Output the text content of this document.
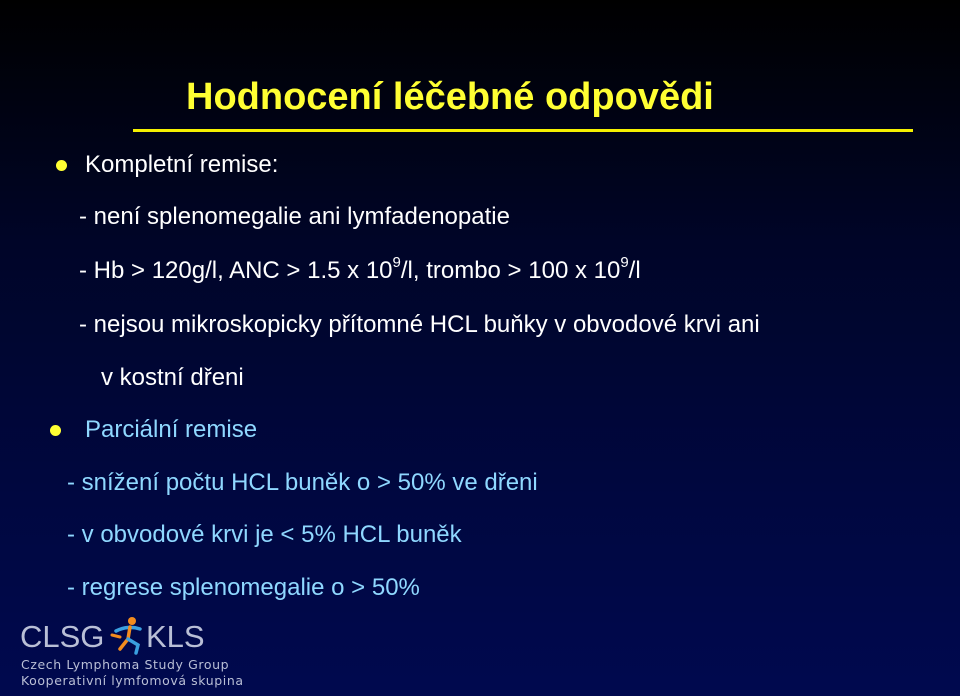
Hodnocení léčebné odpovědi
Kompletní remise:
- není splenomegalie ani lymfadenopatie
- Hb > 120g/l, ANC > 1.5 x $10^9/l$, trombo > 100 x $10^9/l$
- nejsou mikroskopicky přítomné HCL buňky v obvodové krvi ani
v kostní dřeni
Parciální remise
- snížení počtu HCL buněk o > 50% ve dřeni
- v obvodové krvi je < 5% HCL buněk
- regrese splenomegalie o > 50%
CLSG KLS
Czech Lymphoma Study Group
Kooperativní lymfomová skupina
